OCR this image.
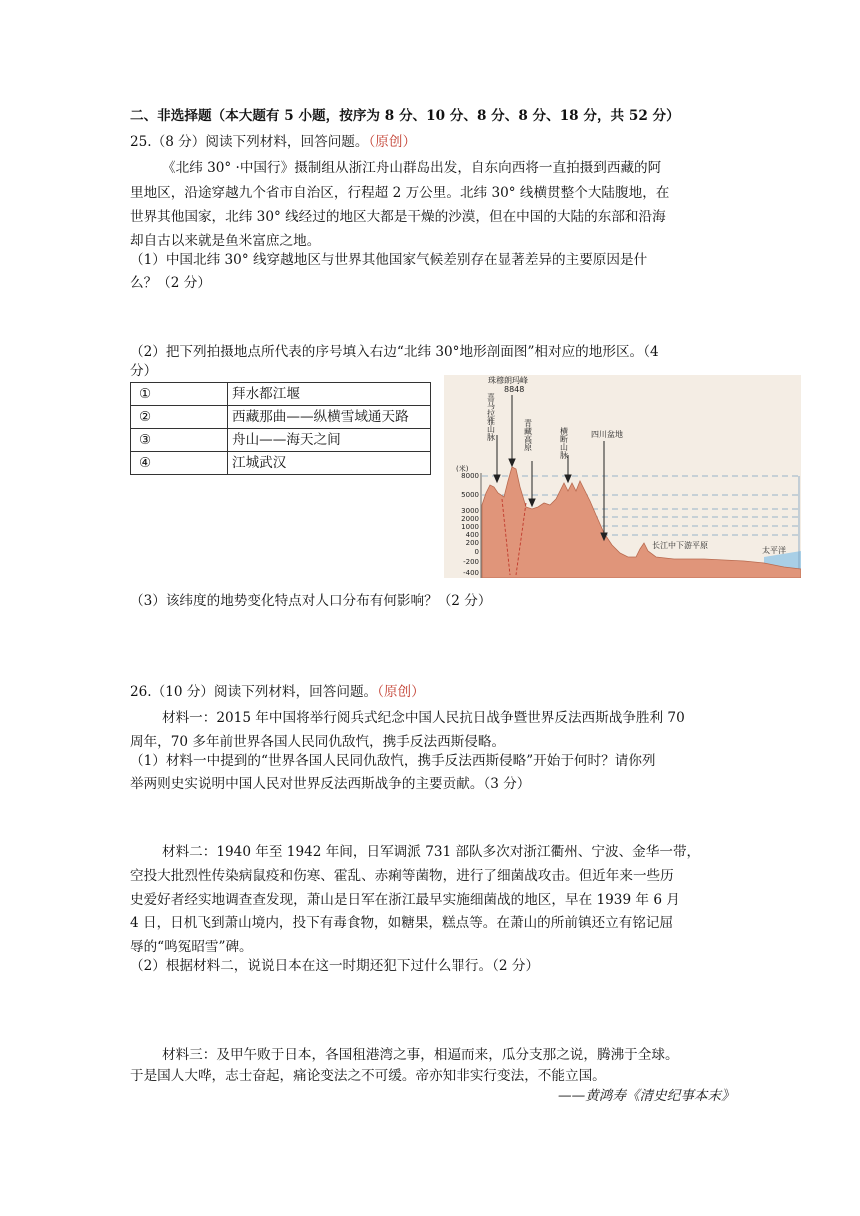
二、非选择题（本大题有 5 小题，按序为 8 分、10 分、8 分、8 分、18 分，共 52 分）
25.（8 分）阅读下列材料，回答问题。（原创）
《北纬 30° ·中国行》摄制组从浙江舟山群岛出发，自东向西将一直拍摄到西藏的阿
里地区，沿途穿越九个省市自治区，行程超 2 万公里。北纬 30° 线横贯整个大陆腹地，在
世界其他国家，北纬 30° 线经过的地区大都是干燥的沙漠，但在中国的大陆的东部和沿海
却自古以来就是鱼米富庶之地。
（1）中国北纬 30° 线穿越地区与世界其他国家气候差别存在显著差异的主要原因是什
么？（2 分）
（2）把下列拍摄地点所代表的序号填入右边“北纬 30°地形剖面图”相对应的地形区。（4
分）
①	拜水都江堰
②	西藏那曲——纵横雪域通天路
③	舟山——海天之间
④	江城武汉
珠穆朗玛峰
8848
喜马拉雅山脉	青藏高原	横断山脉	四川盆地
长江中下游平原
太平洋
(米)
8000
5000
3000
2000
1000
400
200
0
-200
-400
（3）该纬度的地势变化特点对人口分布有何影响？（2 分）
26.（10 分）阅读下列材料，回答问题。（原创）
材料一：2015 年中国将举行阅兵式纪念中国人民抗日战争暨世界反法西斯战争胜利 70
周年，70 多年前世界各国人民同仇敌忾，携手反法西斯侵略。
（1）材料一中提到的“世界各国人民同仇敌忾，携手反法西斯侵略”开始于何时？请你列
举两则史实说明中国人民对世界反法西斯战争的主要贡献。（3 分）
材料二：1940 年至 1942 年间，日军调派 731 部队多次对浙江衢州、宁波、金华一带，
空投大批烈性传染病鼠疫和伤寒、霍乱、赤痢等菌物，进行了细菌战攻击。但近年来一些历
史爱好者经实地调查查发现，萧山是日军在浙江最早实施细菌战的地区，早在 1939 年 6 月
4 日，日机飞到萧山境内，投下有毒食物，如糖果，糕点等。在萧山的所前镇还立有铭记屈
辱的“鸣冤昭雪”碑。
（2）根据材料二，说说日本在这一时期还犯下过什么罪行。（2 分）
材料三：及甲午败于日本，各国租港湾之事，相逼而来，瓜分支那之说，腾沸于全球。
于是国人大哗，志士奋起，痛论变法之不可缓。帝亦知非实行变法，不能立国。
——黄鸿寿《清史纪事本末》
